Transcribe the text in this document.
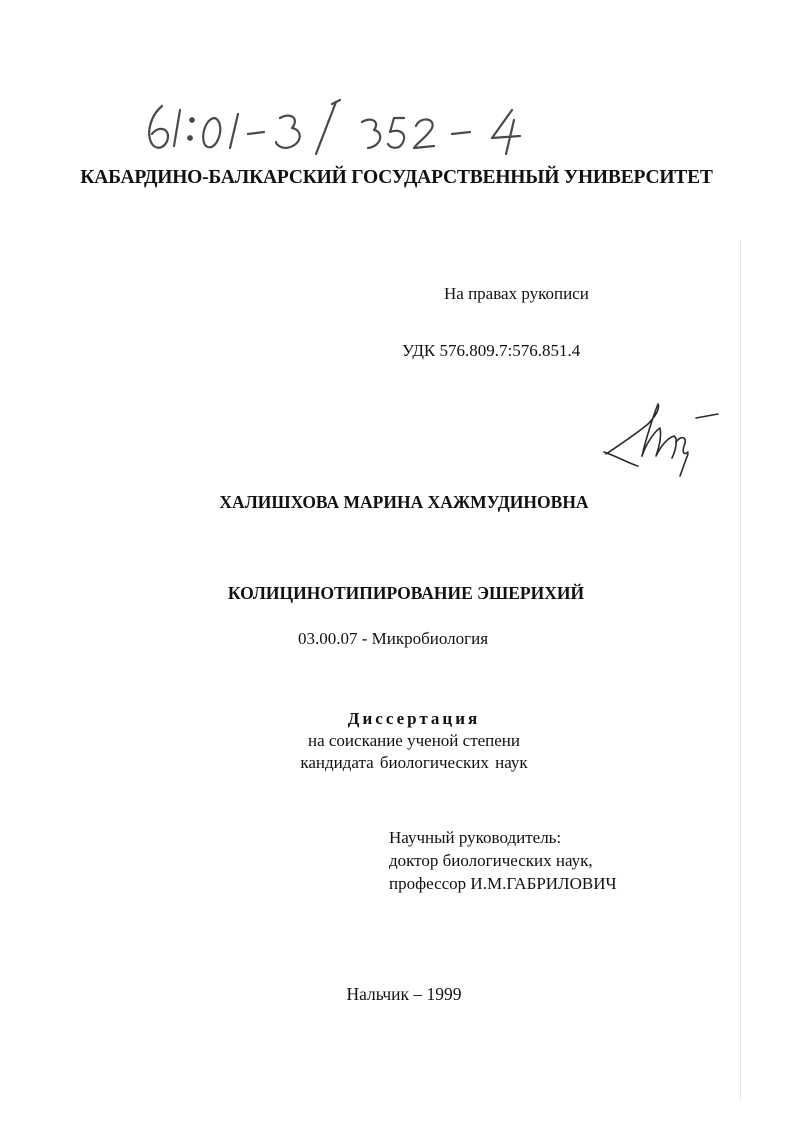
КАБАРДИНО-БАЛКАРСКИЙ ГОСУДАРСТВЕННЫЙ УНИВЕРСИТЕТ
На правах рукописи
УДК 576.809.7:576.851.4
ХАЛИШХОВА МАРИНА ХАЖМУДИНОВНА
КОЛИЦИНОТИПИРОВАНИЕ ЭШЕРИХИЙ
03.00.07 - Микробиология
Диссертация
на соискание ученой степени
кандидата биологических наук
Научный руководитель:
доктор биологических наук,
профессор И.М.ГАБРИЛОВИЧ
Нальчик – 1999
